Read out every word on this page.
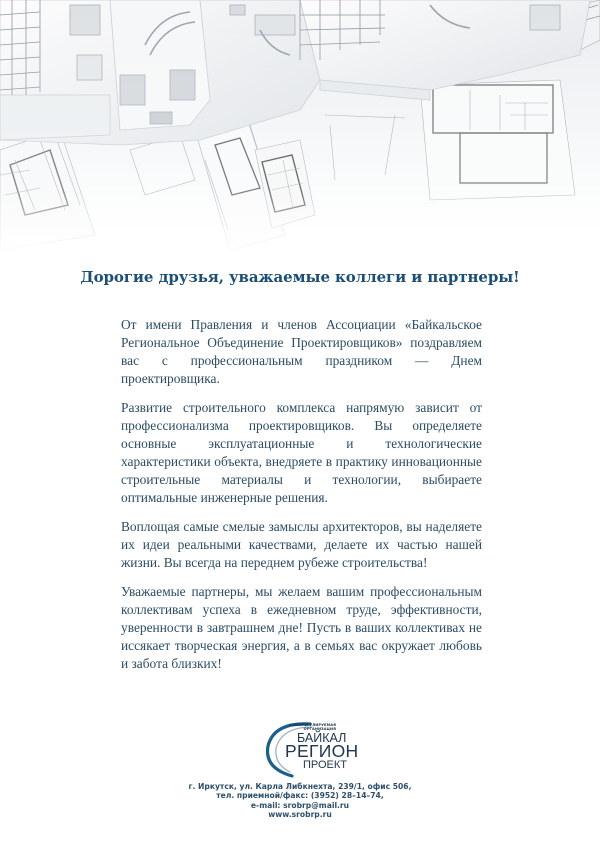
Дорогие друзья, уважаемые коллеги и партнеры!

От имени Правления и членов Ассоциации «Байкальское Региональное Объединение Проектировщиков» поздравляем вас с профессиональным праздником — Днем проектировщика.

Развитие строительного комплекса напрямую зависит от профессионализма проектировщиков. Вы определяете основные эксплуатационные и технологические характеристики объекта, внедряете в практику инновационные строительные материалы и технологии, выбираете оптимальные инженерные решения.

Воплощая самые смелые замыслы архитекторов, вы наделяете их идеи реальными качествами, делаете их частью нашей жизни. Вы всегда на переднем рубеже строительства!

Уважаемые партнеры, мы желаем вашим профессиональным коллективам успеха в ежедневном труде, эффективности, уверенности в завтрашнем дне! Пусть в ваших коллективах не иссякает творческая энергия, а в семьях вас окружает любовь и забота близких!

САМОРЕГУЛИРУЕМАЯ
ОРГАНИЗАЦИЯ
БАЙКАЛ
РЕГИОН
ПРОЕКТ
г. Иркутск, ул. Карла Либкнехта, 239/1, офис 506,
тел. приемной/факс: (3952) 28–14–74,
e-mail: srobrp@mail.ru
www.srobrp.ru
